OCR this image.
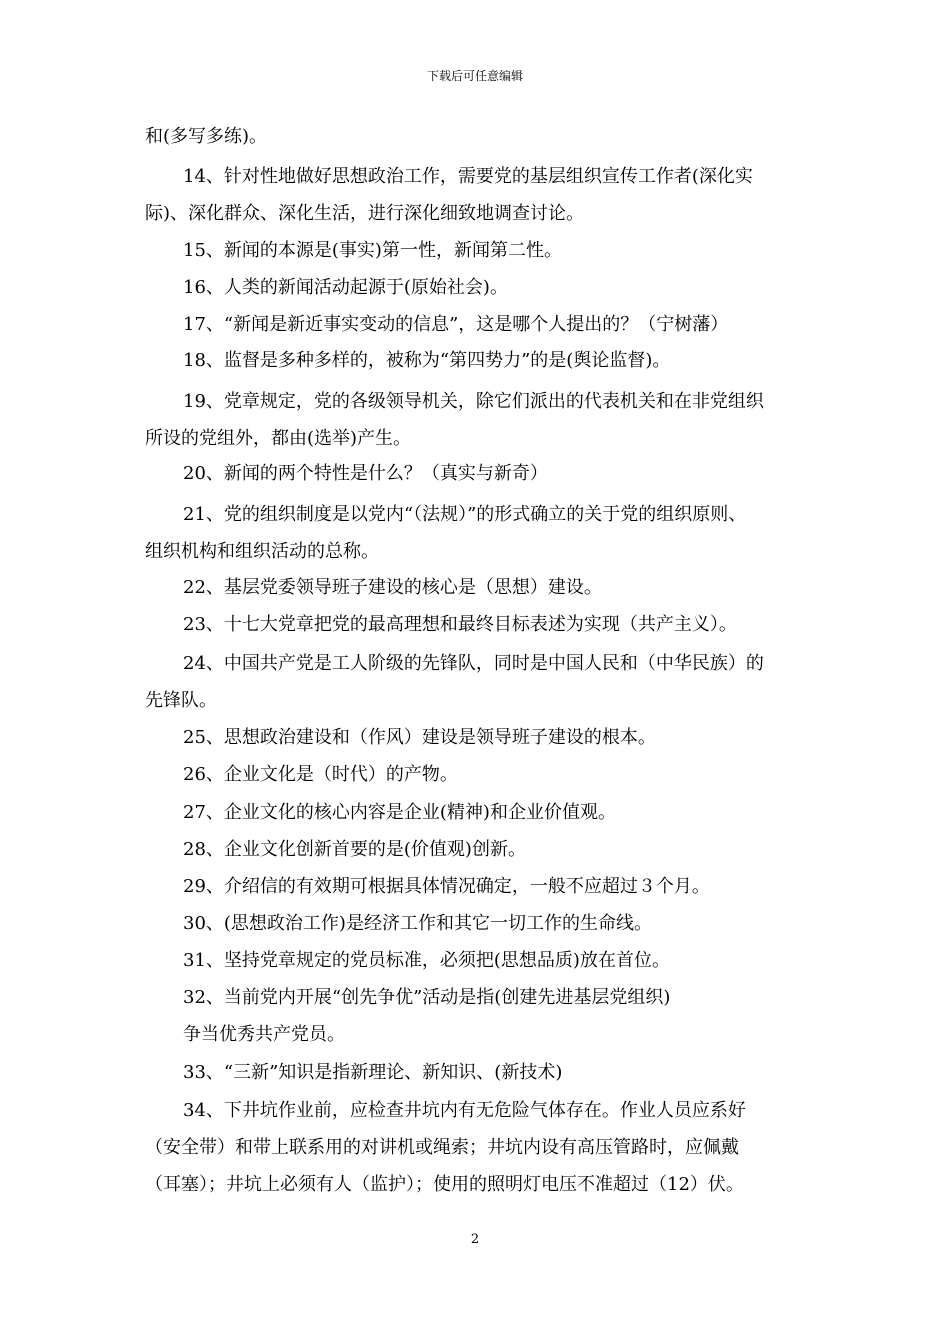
下载后可任意编辑
和(多写多练)。
14、针对性地做好思想政治工作，需要党的基层组织宣传工作者(深化实
际)、深化群众、深化生活，进行深化细致地调查讨论。
15、新闻的本源是(事实)第一性，新闻第二性。
16、人类的新闻活动起源于(原始社会)。
17、“新闻是新近事实变动的信息”，这是哪个人提出的？（宁树藩）
18、监督是多种多样的，被称为“第四势力”的是(舆论监督)。
19、党章规定，党的各级领导机关，除它们派出的代表机关和在非党组织
所设的党组外，都由(选举)产生。
20、新闻的两个特性是什么？（真实与新奇）
21、党的组织制度是以党内“（法规）”的形式确立的关于党的组织原则、
组织机构和组织活动的总称。
22、基层党委领导班子建设的核心是（思想）建设。
23、十七大党章把党的最高理想和最终目标表述为实现（共产主义）。
24、中国共产党是工人阶级的先锋队，同时是中国人民和（中华民族）的
先锋队。
25、思想政治建设和（作风）建设是领导班子建设的根本。
26、企业文化是（时代）的产物。
27、企业文化的核心内容是企业(精神)和企业价值观。
28、企业文化创新首要的是(价值观)创新。
29、介绍信的有效期可根据具体情况确定，一般不应超过３个月。
30、(思想政治工作)是经济工作和其它一切工作的生命线。
31、坚持党章规定的党员标准，必须把(思想品质)放在首位。
32、当前党内开展“创先争优”活动是指(创建先进基层党组织)
争当优秀共产党员。
33、“三新”知识是指新理论、新知识、(新技术)
34、下井坑作业前，应检查井坑内有无危险气体存在。作业人员应系好
（安全带）和带上联系用的对讲机或绳索；井坑内设有高压管路时，应佩戴
（耳塞）；井坑上必须有人（监护）；使用的照明灯电压不准超过（12）伏。
2
